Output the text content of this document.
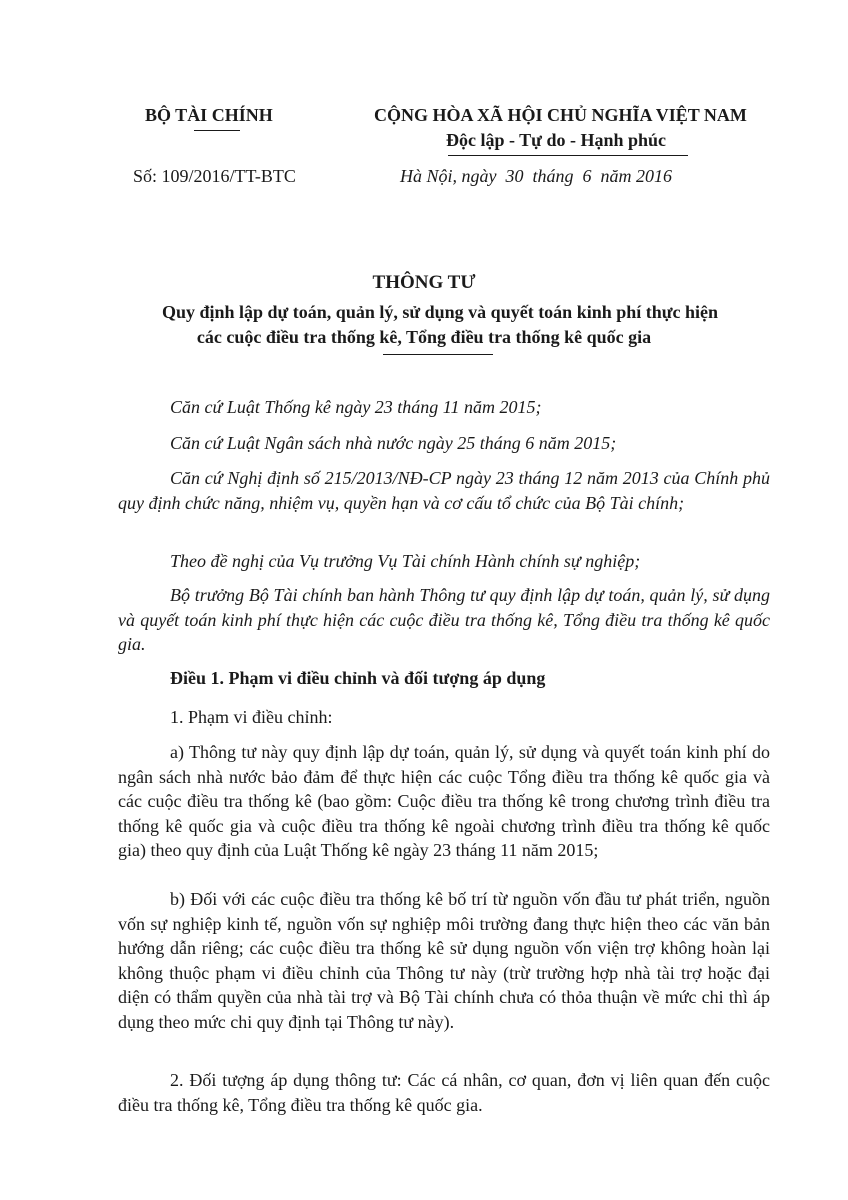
BỘ TÀI CHÍNH	CỘNG HÒA XÃ HỘI CHỦ NGHĨA VIỆT NAM
Độc lập - Tự do - Hạnh phúc
Số: 109/2016/TT-BTC	Hà Nội, ngày  30  tháng  6  năm 2016
THÔNG TƯ
Quy định lập dự toán, quản lý, sử dụng và quyết toán kinh phí thực hiện
các cuộc điều tra thống kê, Tổng điều tra thống kê quốc gia

Căn cứ Luật Thống kê ngày 23 tháng 11 năm 2015;

Căn cứ Luật Ngân sách nhà nước ngày 25 tháng 6 năm 2015;

Căn cứ Nghị định số 215/2013/NĐ-CP ngày 23 tháng 12 năm 2013 của Chính phủ quy định chức năng, nhiệm vụ, quyền hạn và cơ cấu tổ chức của Bộ Tài chính;

Theo đề nghị của Vụ trưởng Vụ Tài chính Hành chính sự nghiệp;

Bộ trưởng Bộ Tài chính ban hành Thông tư quy định lập dự toán, quản lý, sử dụng và quyết toán kinh phí thực hiện các cuộc điều tra thống kê, Tổng điều tra thống kê quốc gia.

Điều 1. Phạm vi điều chỉnh và đối tượng áp dụng

1. Phạm vi điều chỉnh:

a) Thông tư này quy định lập dự toán, quản lý, sử dụng và quyết toán kinh phí do ngân sách nhà nước bảo đảm để thực hiện các cuộc Tổng điều tra thống kê quốc gia và các cuộc điều tra thống kê (bao gồm: Cuộc điều tra thống kê trong chương trình điều tra thống kê quốc gia và cuộc điều tra thống kê ngoài chương trình điều tra thống kê quốc gia) theo quy định của Luật Thống kê ngày 23 tháng 11 năm 2015;

b) Đối với các cuộc điều tra thống kê bố trí từ nguồn vốn đầu tư phát triển, nguồn vốn sự nghiệp kinh tế, nguồn vốn sự nghiệp môi trường đang thực hiện theo các văn bản hướng dẫn riêng; các cuộc điều tra thống kê sử dụng nguồn vốn viện trợ không hoàn lại không thuộc phạm vi điều chỉnh của Thông tư này (trừ trường hợp nhà tài trợ hoặc đại diện có thẩm quyền của nhà tài trợ và Bộ Tài chính chưa có thỏa thuận về mức chi thì áp dụng theo mức chi quy định tại Thông tư này).

2. Đối tượng áp dụng thông tư: Các cá nhân, cơ quan, đơn vị liên quan đến cuộc điều tra thống kê, Tổng điều tra thống kê quốc gia.
